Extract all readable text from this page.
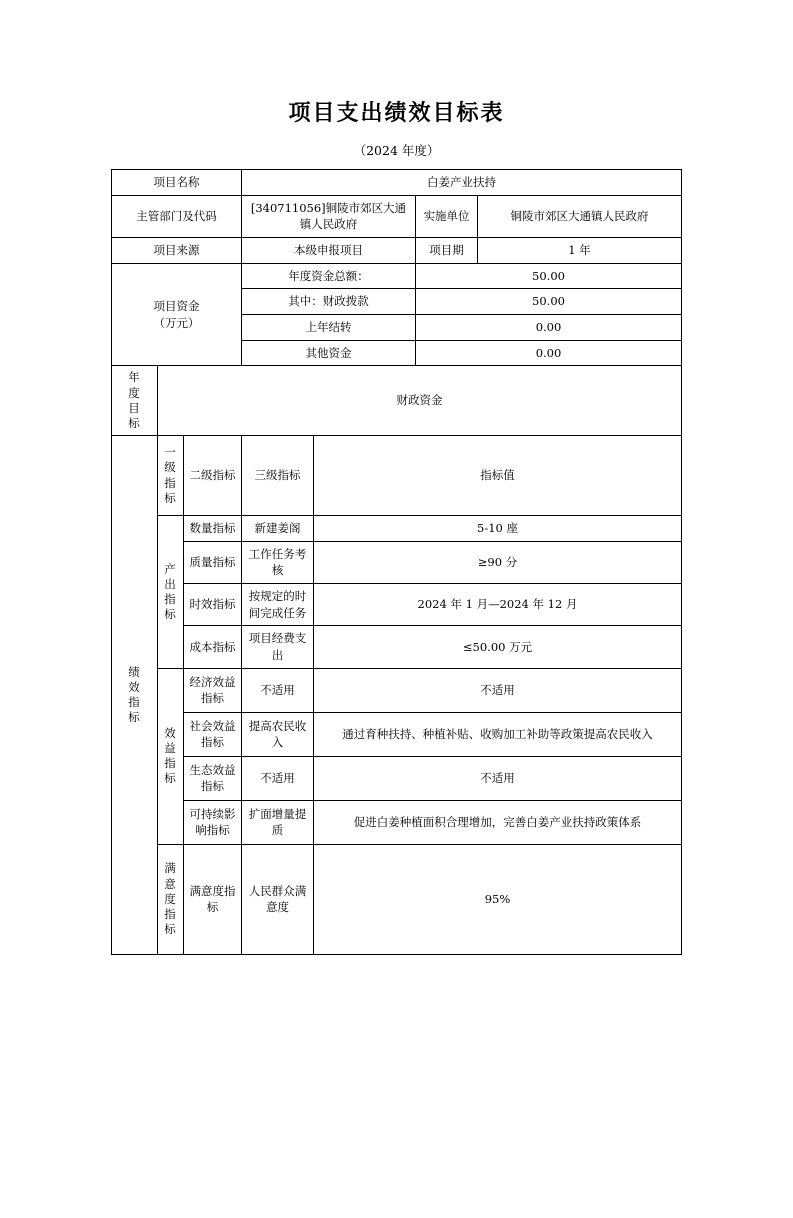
项目支出绩效目标表
（2024 年度）
项目名称			白姜产业扶持			
主管部门及代码			[340711056]铜陵市郊区大通镇人民政府		实施单位	铜陵市郊区大通镇人民政府
项目来源			本级申报项目		项目期	1 年

项目资金
（万元）			年度资金总额：		50.00	
			其中：财政拨款		50.00	
			上年结转		0.00	
			其他资金		0.00	

年度目标	财政资金					

绩效指标	一级指标	二级指标	三级指标	指标值		

	产出指标	数量指标	新建姜阁	5-10 座		
		质量指标	工作任务考核	≥90 分		
		时效指标	按规定的时间完成任务	2024 年 1 月—2024 年 12 月		
		成本指标	项目经费支出	≤50.00 万元		

	效益指标	经济效益指标	不适用	不适用		
		社会效益指标	提高农民收入	通过育种扶持、种植补贴、收购加工补助等政策提高农民收入		
		生态效益指标	不适用	不适用		
		可持续影响指标	扩面增量提质	促进白姜种植面积合理增加，完善白姜产业扶持政策体系		

	满意度指标	满意度指标	人民群众满意度	95%		
